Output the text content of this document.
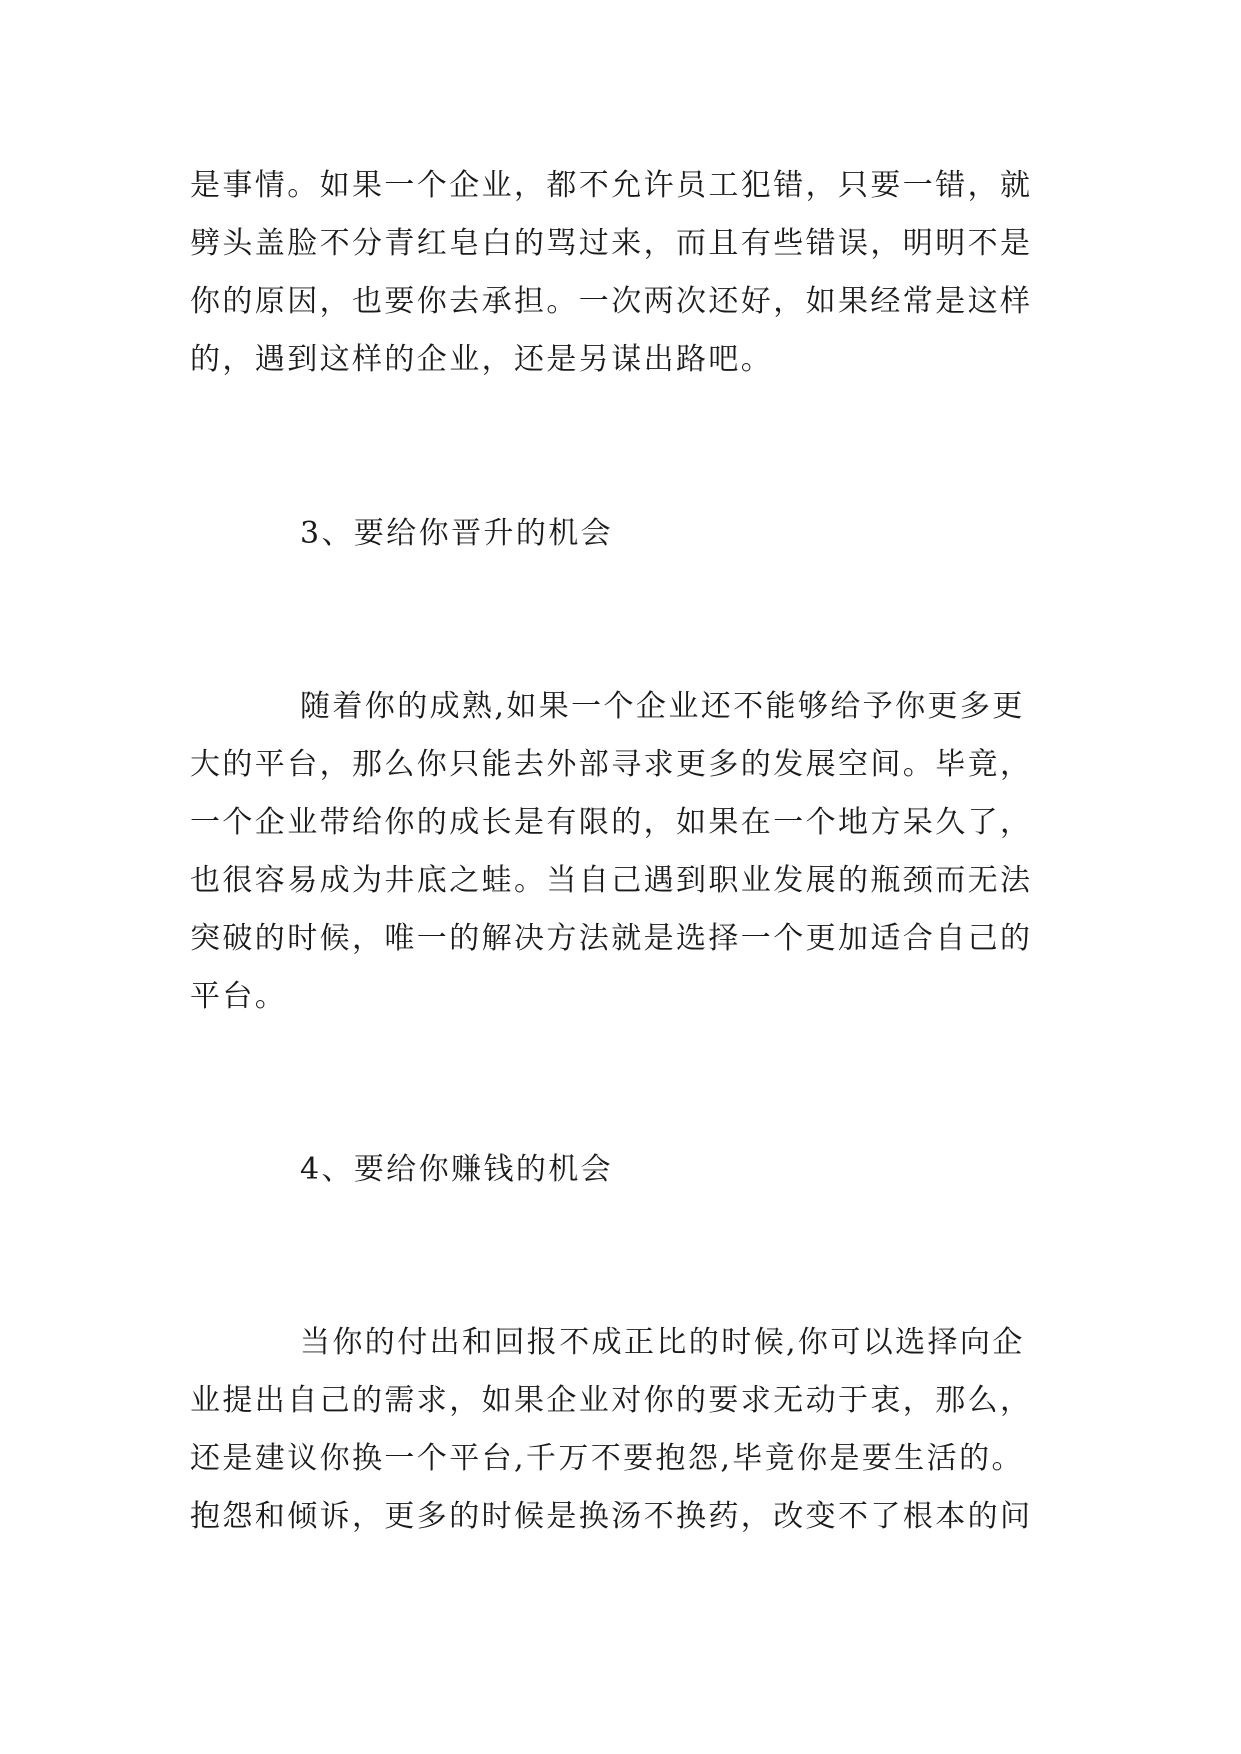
是事情。如果一个企业，都不允许员工犯错，只要一错，就
劈头盖脸不分青红皂白的骂过来，而且有些错误，明明不是
你的原因，也要你去承担。一次两次还好，如果经常是这样
的，遇到这样的企业，还是另谋出路吧。
3、要给你晋升的机会
随着你的成熟,如果一个企业还不能够给予你更多更
大的平台，那么你只能去外部寻求更多的发展空间。毕竟，
一个企业带给你的成长是有限的，如果在一个地方呆久了，
也很容易成为井底之蛙。当自己遇到职业发展的瓶颈而无法
突破的时候，唯一的解决方法就是选择一个更加适合自己的
平台。
4、要给你赚钱的机会
当你的付出和回报不成正比的时候,你可以选择向企
业提出自己的需求，如果企业对你的要求无动于衷，那么，
还是建议你换一个平台,千万不要抱怨,毕竟你是要生活的。
抱怨和倾诉，更多的时候是换汤不换药，改变不了根本的问
